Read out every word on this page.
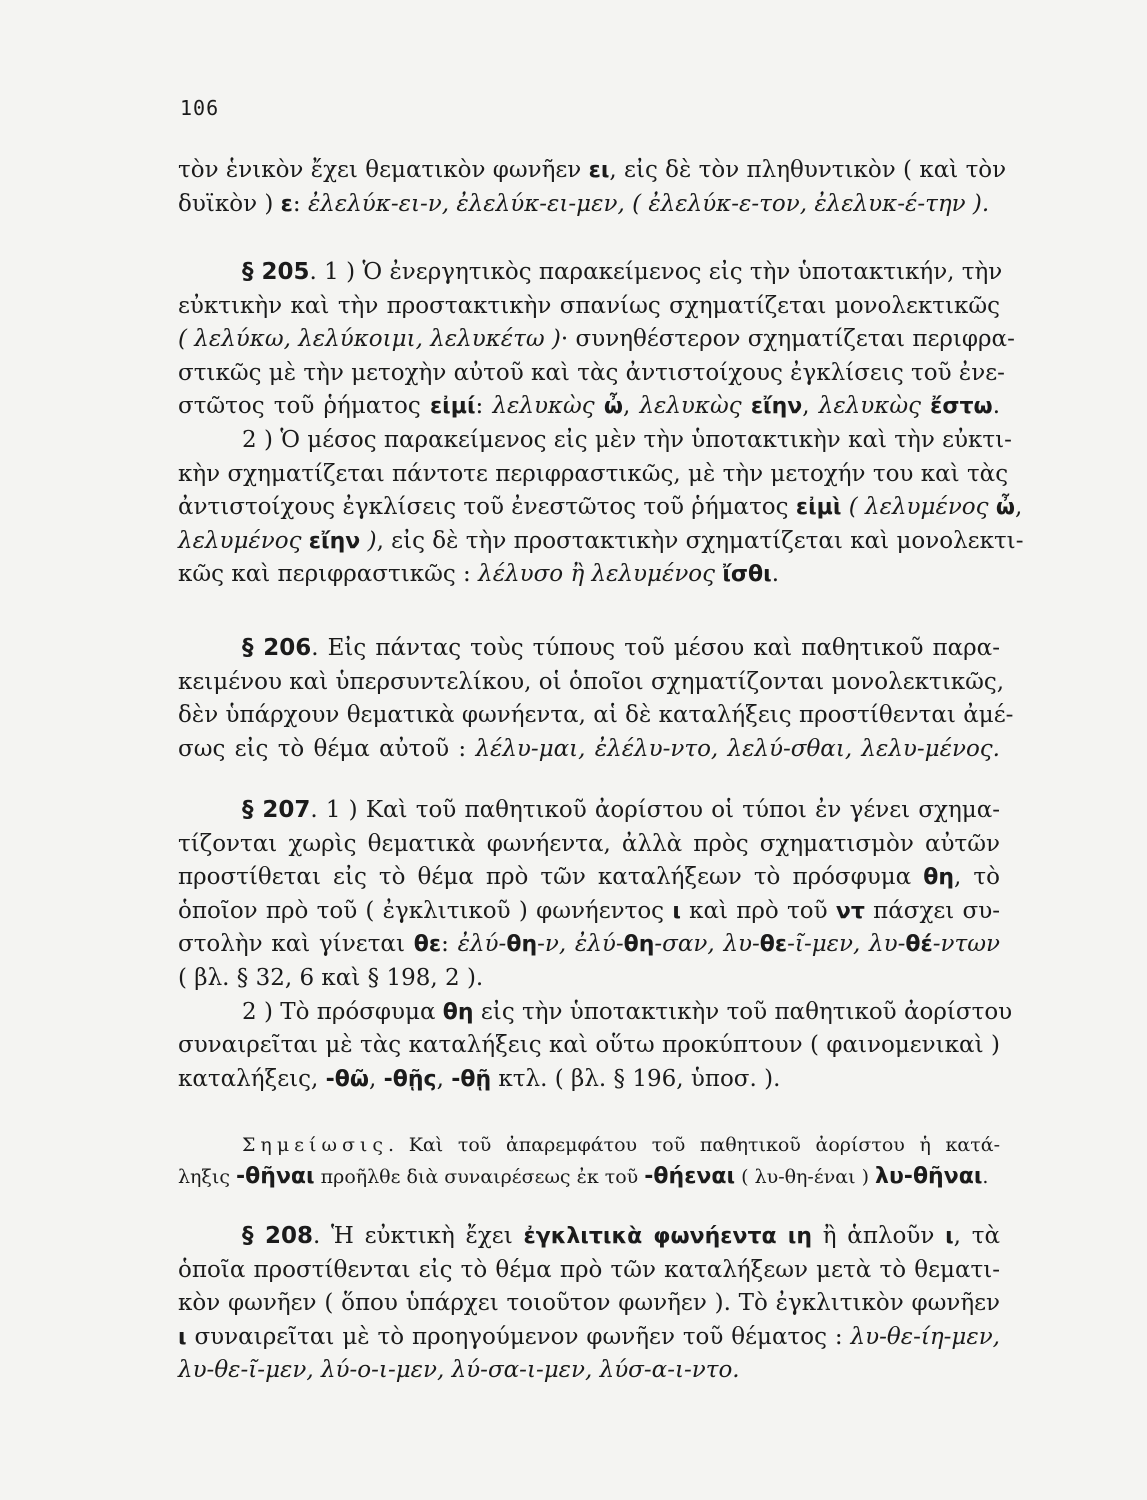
106
τὸν ἑνικὸν ἔχει θεματικὸν φωνῆεν ει, εἰς δὲ τὸν πληθυντικὸν ( καὶ τὸν
δυϊκὸν ) ε: ἐλελύκ-ει-ν, ἐλελύκ-ει-μεν, ( ἐλελύκ-ε-τον, ἐλελυκ-έ-την ).
§ 205. 1 ) Ὁ ἐνεργητικὸς παρακείμενος εἰς τὴν ὑποτακτικήν, τὴν
εὐκτικὴν καὶ τὴν προστακτικὴν σπανίως σχηματίζεται μονολεκτικῶς
( λελύκω, λελύκοιμι, λελυκέτω )· συνηθέστερον σχηματίζεται περιφρα-
στικῶς μὲ τὴν μετοχὴν αὐτοῦ καὶ τὰς ἀντιστοίχους ἐγκλίσεις τοῦ ἐνε-
στῶτος τοῦ ῥήματος εἰμί: λελυκὼς ὦ, λελυκὼς εἴην, λελυκὼς ἔστω.
2 ) Ὁ μέσος παρακείμενος εἰς μὲν τὴν ὑποτακτικὴν καὶ τὴν εὐκτι-
κὴν σχηματίζεται πάντοτε περιφραστικῶς, μὲ τὴν μετοχήν του καὶ τὰς
ἀντιστοίχους ἐγκλίσεις τοῦ ἐνεστῶτος τοῦ ῥήματος εἰμὶ ( λελυμένος ὦ,
λελυμένος εἴην ), εἰς δὲ τὴν προστακτικὴν σχηματίζεται καὶ μονολεκτι-
κῶς καὶ περιφραστικῶς : λέλυσο ἢ λελυμένος ἴσθι.
§ 206. Εἰς πάντας τοὺς τύπους τοῦ μέσου καὶ παθητικοῦ παρα-
κειμένου καὶ ὑπερσυντελίκου, οἱ ὁποῖοι σχηματίζονται μονολεκτικῶς,
δὲν ὑπάρχουν θεματικὰ φωνήεντα, αἱ δὲ καταλήξεις προστίθενται ἀμέ-
σως εἰς τὸ θέμα αὐτοῦ : λέλυ-μαι, ἐλέλυ-ντο, λελύ-σθαι, λελυ-μένος.
§ 207. 1 ) Καὶ τοῦ παθητικοῦ ἀορίστου οἱ τύποι ἐν γένει σχημα-
τίζονται χωρὶς θεματικὰ φωνήεντα, ἀλλὰ πρὸς σχηματισμὸν αὐτῶν
προστίθεται εἰς τὸ θέμα πρὸ τῶν καταλήξεων τὸ πρόσφυμα θη, τὸ
ὁποῖον πρὸ τοῦ ( ἐγκλιτικοῦ ) φωνήεντος ι καὶ πρὸ τοῦ ντ πάσχει συ-
στολὴν καὶ γίνεται θε: ἐλύ-θη-ν, ἐλύ-θη-σαν, λυ-θε-ῖ-μεν, λυ-θέ-ντων
( βλ. § 32, 6 καὶ § 198, 2 ).
2 ) Τὸ πρόσφυμα θη εἰς τὴν ὑποτακτικὴν τοῦ παθητικοῦ ἀορίστου
συναιρεῖται μὲ τὰς καταλήξεις καὶ οὕτω προκύπτουν ( φαινομενικαὶ )
καταλήξεις, -θῶ, -θῇς, -θῇ κτλ. ( βλ. § 196, ὑποσ. ).
Σημείωσις. Καὶ τοῦ ἀπαρεμφάτου τοῦ παθητικοῦ ἀορίστου ἡ κατά-
ληξις -θῆναι προῆλθε διὰ συναιρέσεως ἐκ τοῦ -θήεναι ( λυ-θη-έναι ) λυ-θῆναι.
§ 208. Ἡ εὐκτικὴ ἔχει ἐγκλιτικὰ φωνήεντα ιη ἢ ἁπλοῦν ι, τὰ
ὁποῖα προστίθενται εἰς τὸ θέμα πρὸ τῶν καταλήξεων μετὰ τὸ θεματι-
κὸν φωνῆεν ( ὅπου ὑπάρχει τοιοῦτον φωνῆεν ). Τὸ ἐγκλιτικὸν φωνῆεν
ι συναιρεῖται μὲ τὸ προηγούμενον φωνῆεν τοῦ θέματος : λυ-θε-ίη-μεν,
λυ-θε-ῖ-μεν, λύ-ο-ι-μεν, λύ-σα-ι-μεν, λύσ-α-ι-ντο.
